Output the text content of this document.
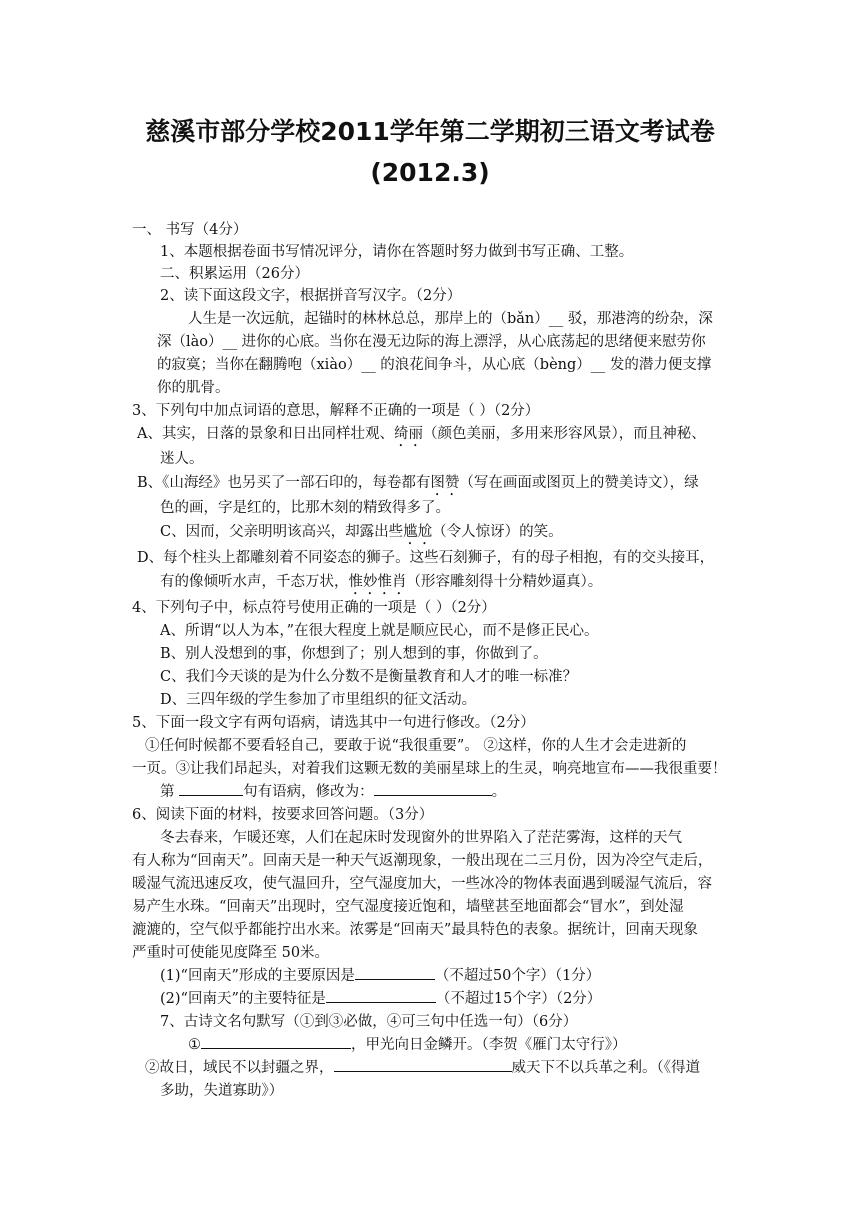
慈溪市部分学校2011学年第二学期初三语文考试卷
(2012.3)
一、 书写（4分）
1、本题根据卷面书写情况评分，请你在答题时努力做到书写正确、工整。
二、积累运用（26分）
2、读下面这段文字，根据拼音写汉字。（2分）
人生是一次远航，起锚时的林林总总，那岸上的（bǎn）__ 驳，那港湾的纷杂，深
深（lào）__ 进你的心底。当你在漫无边际的海上漂浮，从心底荡起的思绪便来慰劳你
的寂寞；当你在翻腾咆（xiào）__ 的浪花间争斗，从心底（bèng）__ 发的潜力便支撑
你的肌骨。
3、下列句中加点词语的意思，解释不正确的一项是（ ）（2分）
A、其实，日落的景象和日出同样壮观、绮丽（颜色美丽，多用来形容风景），而且神秘、
迷人。
B、《山海经》也另买了一部石印的，每卷都有图赞（写在画面或图页上的赞美诗文），绿
色的画，字是红的，比那木刻的精致得多了。
C、因而，父亲明明该高兴，却露出些尴尬（令人惊讶）的笑。
D、每个柱头上都雕刻着不同姿态的狮子。这些石刻狮子，有的母子相抱，有的交头接耳，
有的像倾听水声，千态万状，惟妙惟肖（形容雕刻得十分精妙逼真）。
4、下列句子中，标点符号使用正确的一项是（ ）（2分）
A、所谓“以人为本，”在很大程度上就是顺应民心，而不是修正民心。
B、别人没想到的事，你想到了；别人想到的事，你做到了。
C、我们今天谈的是为什么分数不是衡量教育和人才的唯一标准？
D、三四年级的学生参加了市里组织的征文活动。
5、下面一段文字有两句语病，请选其中一句进行修改。（2分）
①任何时候都不要看轻自己，要敢于说“我很重要”。 ②这样，你的人生才会走进新的
一页。③让我们昂起头，对着我们这颗无数的美丽星球上的生灵，响亮地宣布——我很重要！
第	句有语病，修改为：	。
6、阅读下面的材料，按要求回答问题。（3分）
冬去春来，乍暖还寒，人们在起床时发现窗外的世界陷入了茫茫雾海，这样的天气
有人称为“回南天”。回南天是一种天气返潮现象，一般出现在二三月份，因为冷空气走后，
暖湿气流迅速反攻，使气温回升，空气湿度加大，一些冰冷的物体表面遇到暖湿气流后，容
易产生水珠。“回南天”出现时，空气湿度接近饱和，墙壁甚至地面都会“冒水”，到处湿
漉漉的，空气似乎都能拧出水来。浓雾是“回南天”最具特色的表象。据统计，回南天现象
严重时可使能见度降至 50米。
(1)“回南天”形成的主要原因是	（不超过50个字）（1分）
(2)“回南天”的主要特征是	（不超过15个字）（2分）
7、古诗文名句默写（①到③必做，④可三句中任选一句）（6分）
①	，甲光向日金鳞开。（李贺《雁门太守行》）
②故日，域民不以封疆之界，	威天下不以兵革之利。（《得道
多助，失道寡助》）
